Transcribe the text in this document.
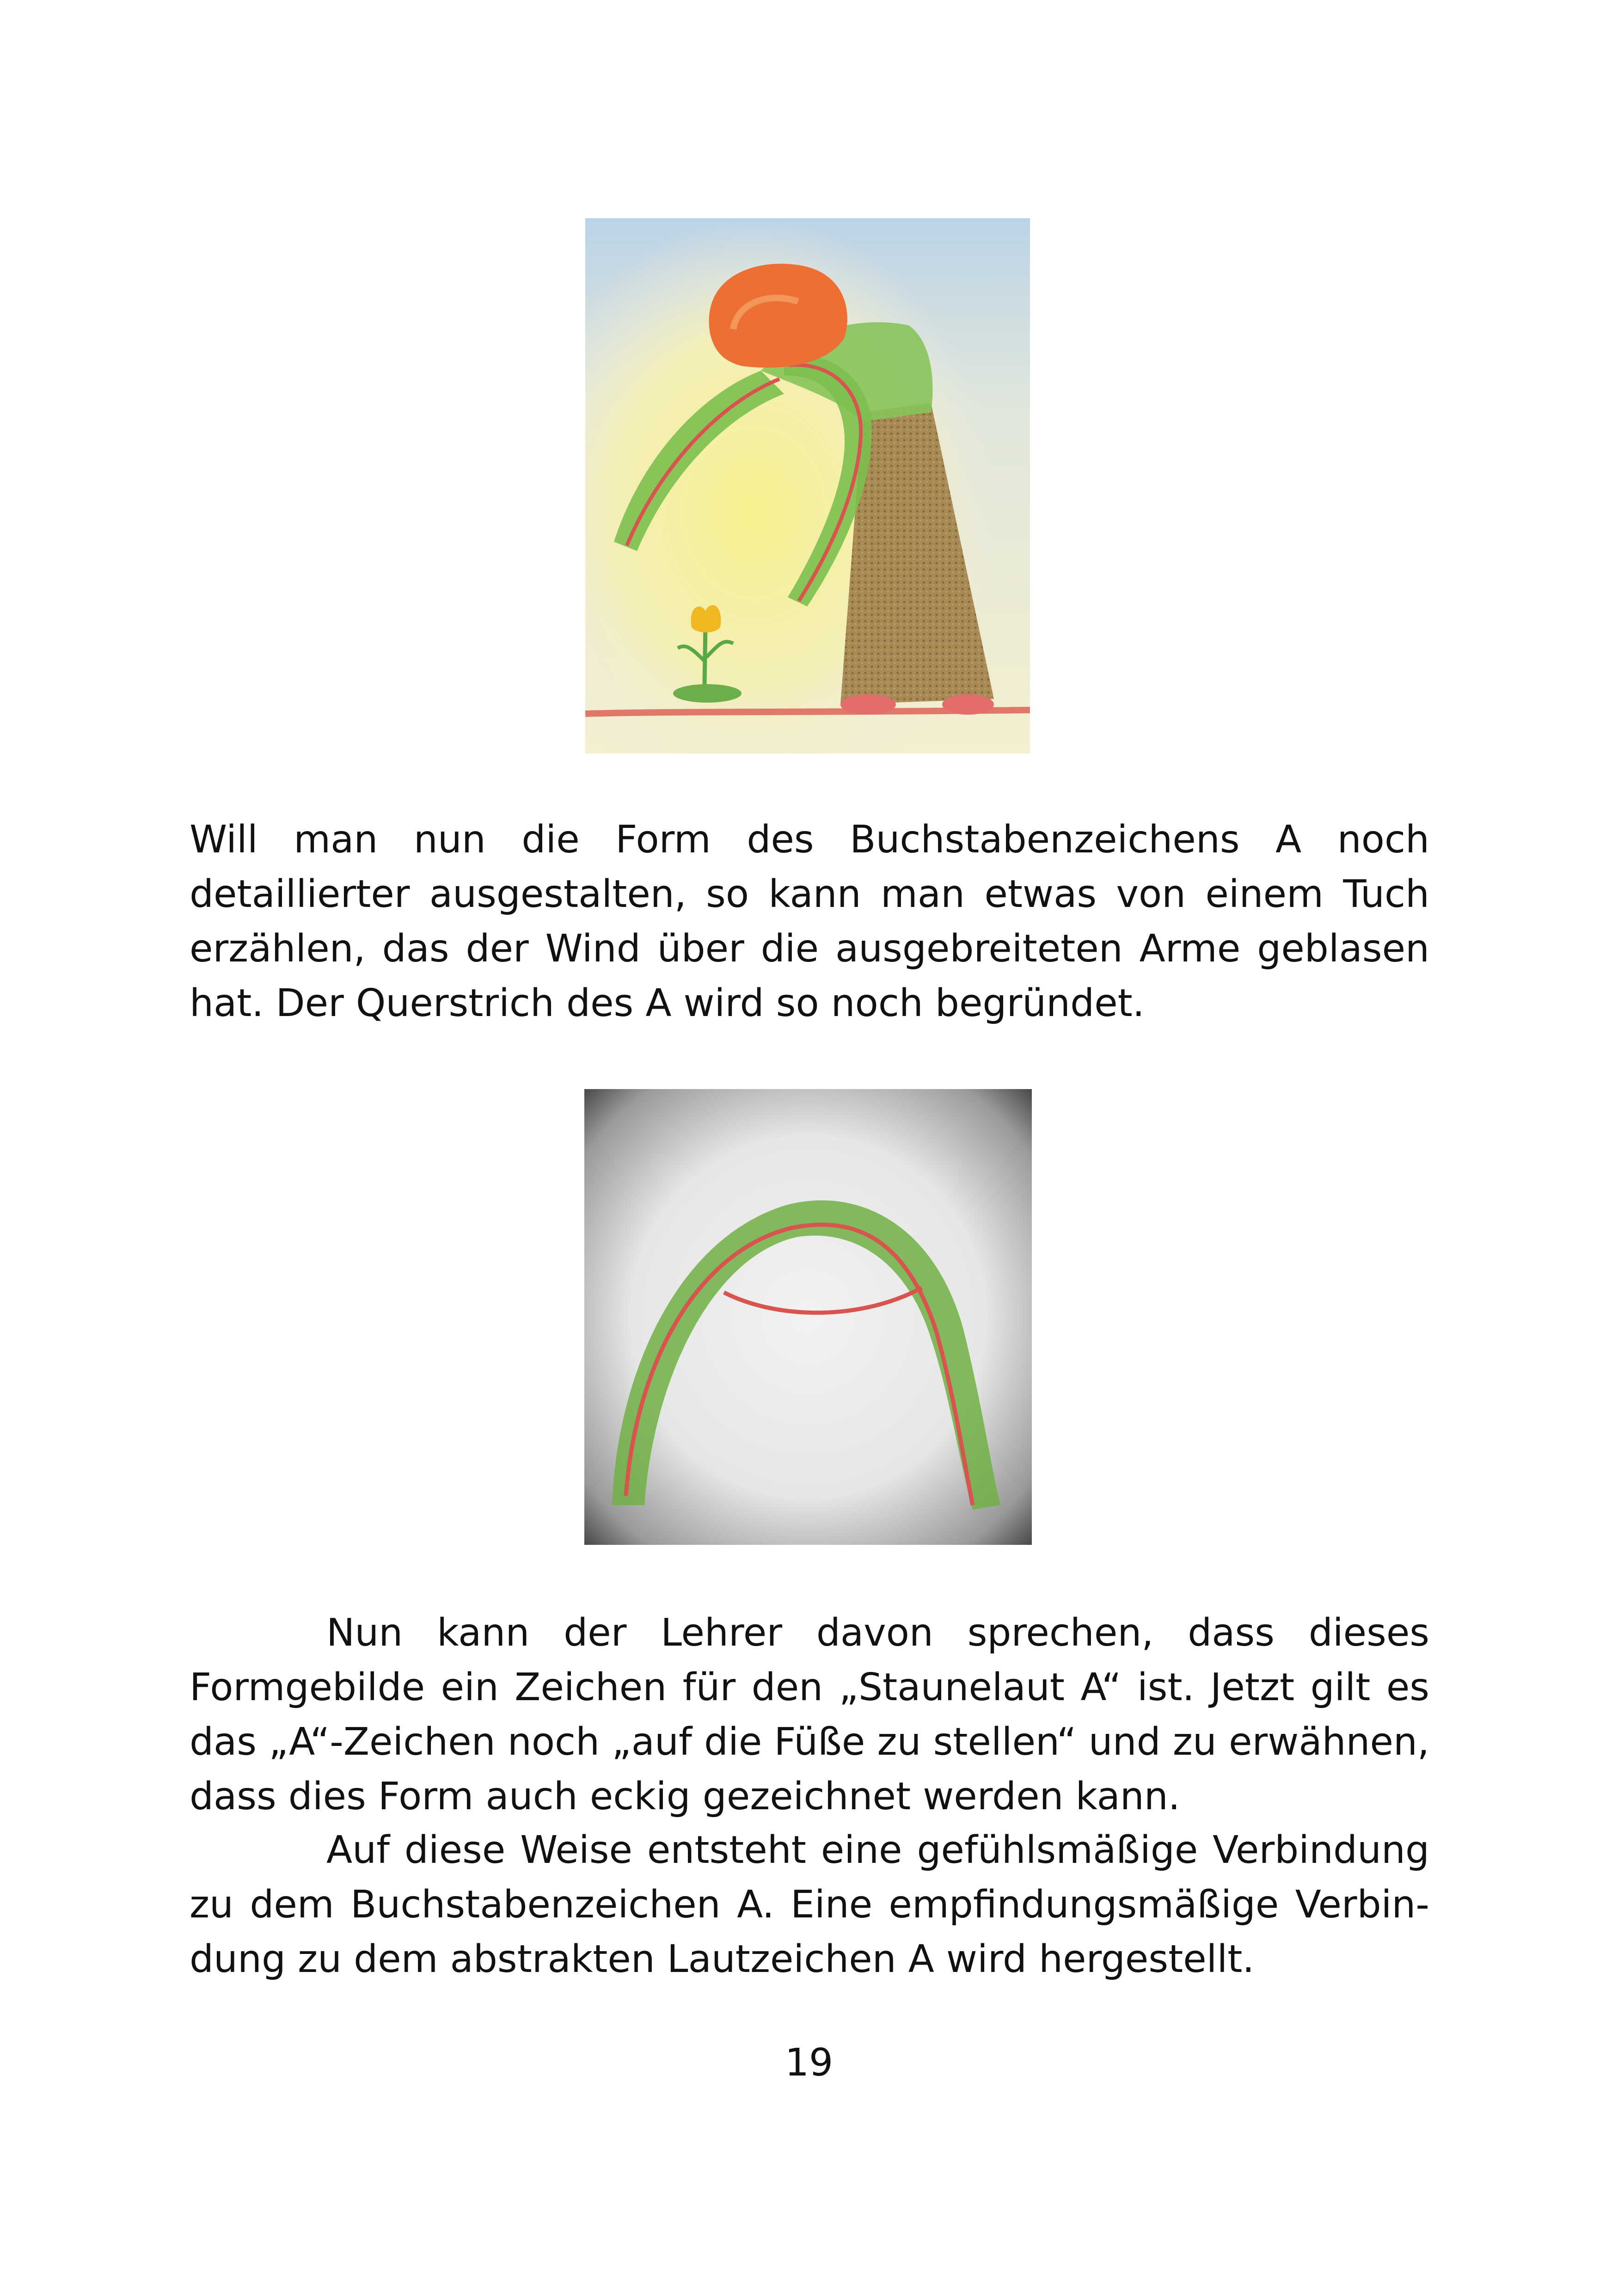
Will man nun die Form des Buchstabenzeichens A noch detaillierter ausgestalten, so kann man etwas von einem Tuch erzählen, das der Wind über die ausgebreiteten Arme geblasen hat. Der Querstrich des A wird so noch begründet.

Nun kann der Lehrer davon sprechen, dass dieses Formgebilde ein Zeichen für den „Staunelaut A“ ist. Jetzt gilt es das „A“-Zeichen noch „auf die Füße zu stellen“ und zu erwähnen, dass dies Form auch eckig gezeichnet werden kann.

Auf diese Weise entsteht eine gefühlsmäßige Verbindung zu dem Buchstabenzeichen A. Eine empfindungsmäßige Verbindung zu dem abstrakten Lautzeichen A wird hergestellt.

19
